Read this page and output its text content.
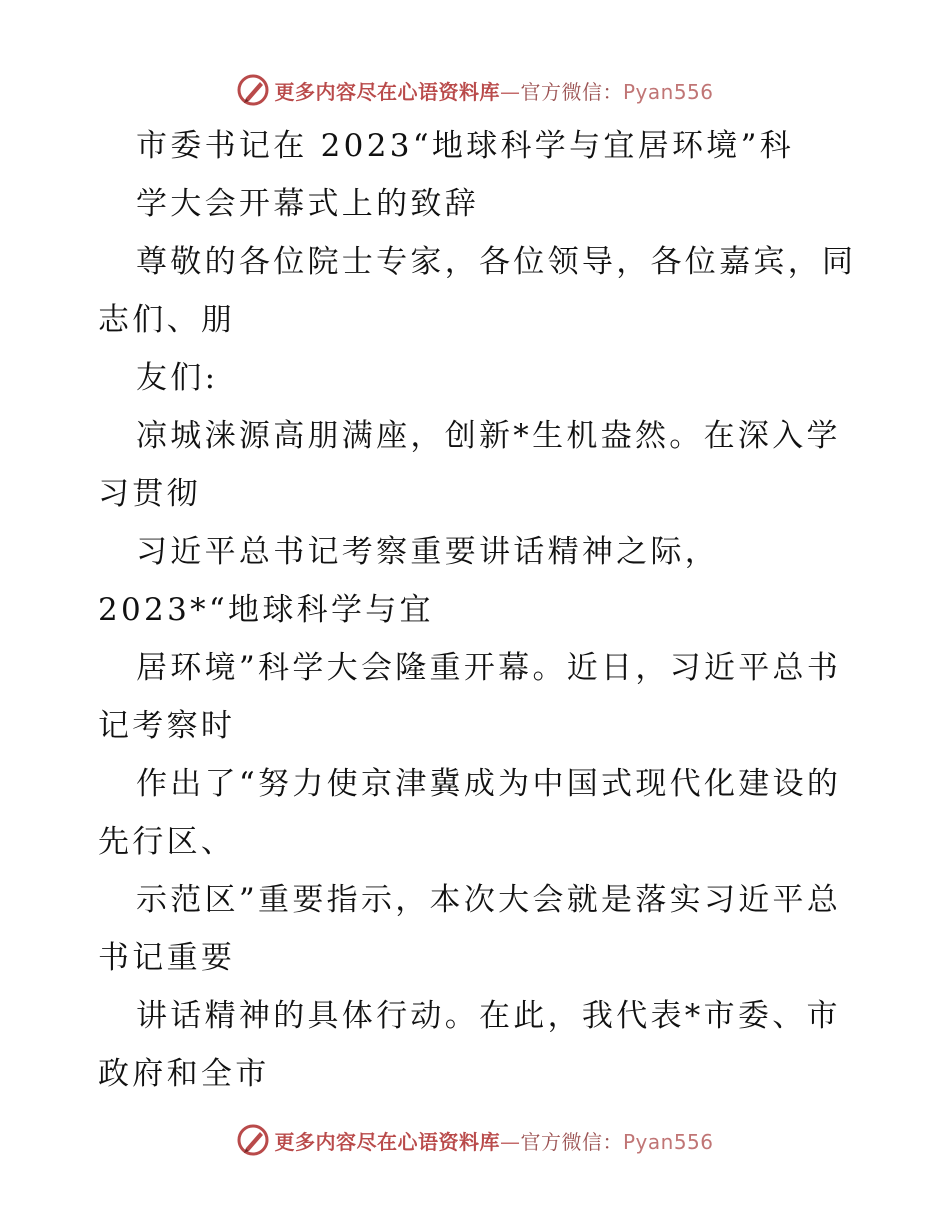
更多内容尽在心语资料库—官方微信：Pyan556
市委书记在 2023“地球科学与宜居环境”科
学大会开幕式上的致辞
尊敬的各位院士专家，各位领导，各位嘉宾，同
志们、朋
友们:
凉城涞源高朋满座，创新*生机盎然。在深入学
习贯彻
习近平总书记考察重要讲话精神之际，
2023*“地球科学与宜
居环境”科学大会隆重开幕。近日，习近平总书
记考察时
作出了“努力使京津冀成为中国式现代化建设的
先行区、
示范区”重要指示，本次大会就是落实习近平总
书记重要
讲话精神的具体行动。在此，我代表*市委、市
政府和全市
更多内容尽在心语资料库—官方微信：Pyan556
